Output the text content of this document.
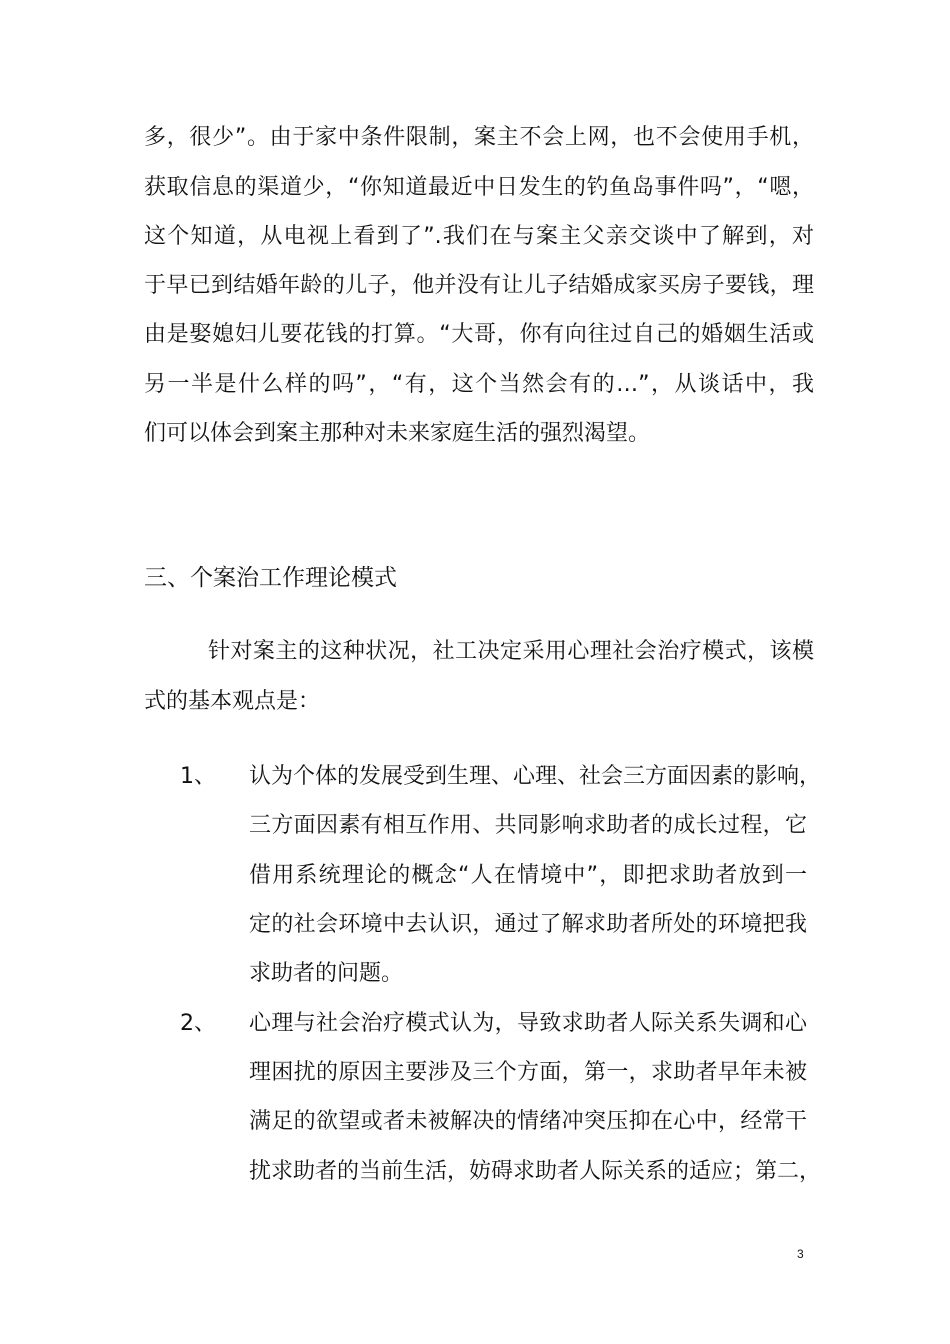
多，很少”。由于家中条件限制，案主不会上网，也不会使用手机，
获取信息的渠道少，“你知道最近中日发生的钓鱼岛事件吗”，“嗯，
这个知道，从电视上看到了”.我们在与案主父亲交谈中了解到，对
于早已到结婚年龄的儿子，他并没有让儿子结婚成家买房子要钱，理
由是娶媳妇儿要花钱的打算。“大哥，你有向往过自己的婚姻生活或
另一半是什么样的吗”，“有，这个当然会有的…”，从谈话中，我
们可以体会到案主那种对未来家庭生活的强烈渴望。
三、个案治工作理论模式
针对案主的这种状况，社工决定采用心理社会治疗模式，该模
式的基本观点是：
1、 认为个体的发展受到生理、心理、社会三方面因素的影响，
三方面因素有相互作用、共同影响求助者的成长过程，它
借用系统理论的概念“人在情境中”，即把求助者放到一
定的社会环境中去认识，通过了解求助者所处的环境把我
求助者的问题。
2、 心理与社会治疗模式认为，导致求助者人际关系失调和心
理困扰的原因主要涉及三个方面，第一，求助者早年未被
满足的欲望或者未被解决的情绪冲突压抑在心中，经常干
扰求助者的当前生活，妨碍求助者人际关系的适应；第二，
3
